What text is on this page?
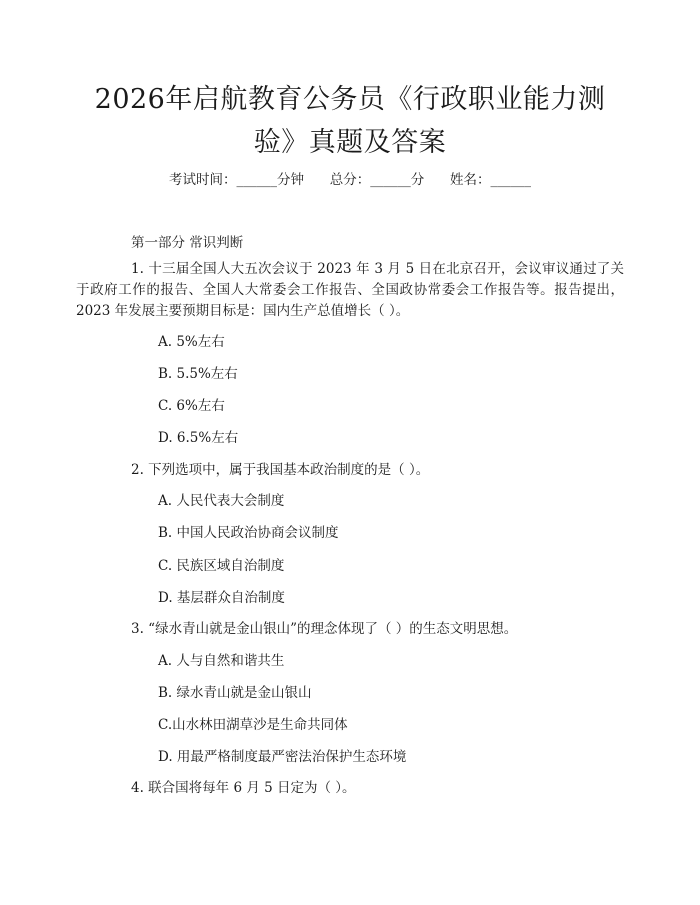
2026年启航教育公务员《行政职业能力测
验》真题及答案
考试时间：______分钟      总分：______分      姓名：______
第一部分 常识判断
1. 十三届全国人大五次会议于 2023 年 3 月 5 日在北京召开，会议审议通过了关于政府工作的报告、全国人大常委会工作报告、全国政协常委会工作报告等。报告提出，2023 年发展主要预期目标是：国内生产总值增长（ ）。
A. 5%左右
B. 5.5%左右
C. 6%左右
D. 6.5%左右
2. 下列选项中，属于我国基本政治制度的是（ ）。
A. 人民代表大会制度
B. 中国人民政治协商会议制度
C. 民族区域自治制度
D. 基层群众自治制度
3. “绿水青山就是金山银山”的理念体现了（ ）的生态文明思想。
A. 人与自然和谐共生
B. 绿水青山就是金山银山
C.山水林田湖草沙是生命共同体
D. 用最严格制度最严密法治保护生态环境
4. 联合国将每年 6 月 5 日定为（ ）。
